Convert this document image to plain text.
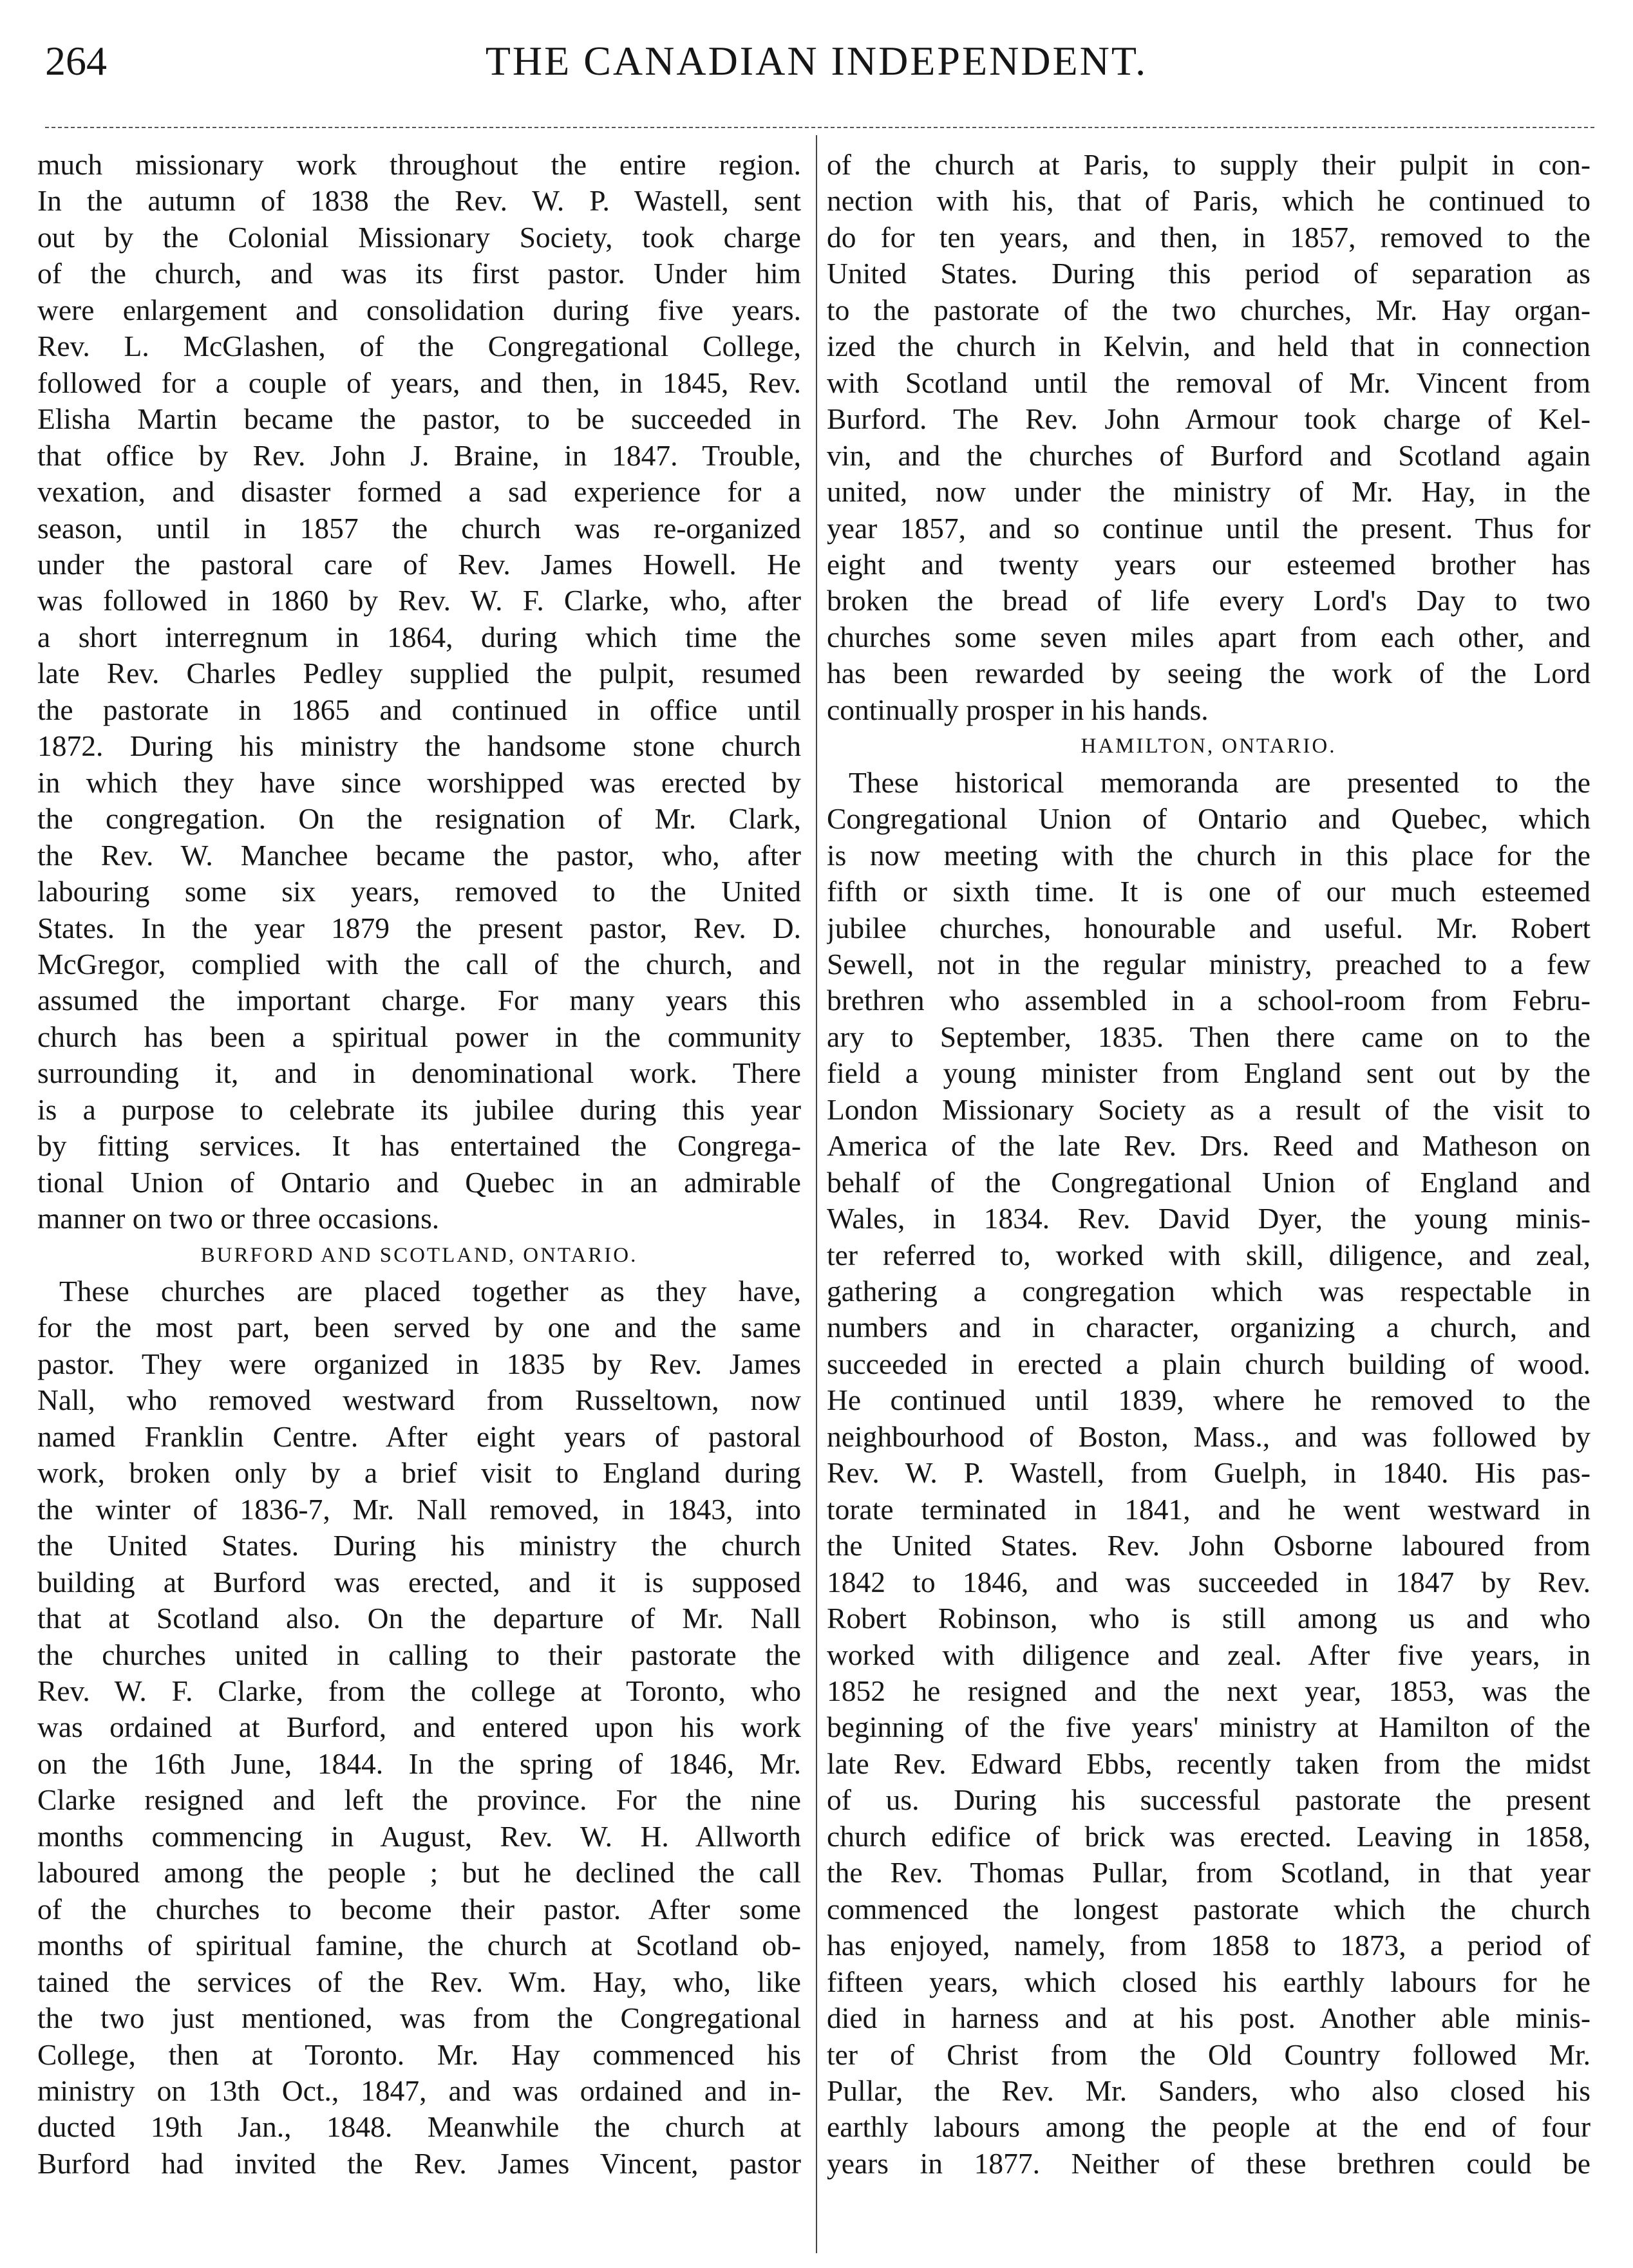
264	THE CANADIAN INDEPENDENT.
much missionary work throughout the entire region.
In the autumn of 1838 the Rev. W. P. Wastell, sent
out by the Colonial Missionary Society, took charge
of the church, and was its first pastor. Under him
were enlargement and consolidation during five years.
Rev. L. McGlashen, of the Congregational College,
followed for a couple of years, and then, in 1845, Rev.
Elisha Martin became the pastor, to be succeeded in
that office by Rev. John J. Braine, in 1847. Trouble,
vexation, and disaster formed a sad experience for a
season, until in 1857 the church was re-organized
under the pastoral care of Rev. James Howell. He
was followed in 1860 by Rev. W. F. Clarke, who, after
a short interregnum in 1864, during which time the
late Rev. Charles Pedley supplied the pulpit, resumed
the pastorate in 1865 and continued in office until
1872. During his ministry the handsome stone church
in which they have since worshipped was erected by
the congregation. On the resignation of Mr. Clark,
the Rev. W. Manchee became the pastor, who, after
labouring some six years, removed to the United
States. In the year 1879 the present pastor, Rev. D.
McGregor, complied with the call of the church, and
assumed the important charge. For many years this
church has been a spiritual power in the community
surrounding it, and in denominational work. There
is a purpose to celebrate its jubilee during this year
by fitting services. It has entertained the Congrega-
tional Union of Ontario and Quebec in an admirable
manner on two or three occasions.
BURFORD AND SCOTLAND, ONTARIO.
These churches are placed together as they have,
for the most part, been served by one and the same
pastor. They were organized in 1835 by Rev. James
Nall, who removed westward from Russeltown, now
named Franklin Centre. After eight years of pastoral
work, broken only by a brief visit to England during
the winter of 1836-7, Mr. Nall removed, in 1843, into
the United States. During his ministry the church
building at Burford was erected, and it is supposed
that at Scotland also. On the departure of Mr. Nall
the churches united in calling to their pastorate the
Rev. W. F. Clarke, from the college at Toronto, who
was ordained at Burford, and entered upon his work
on the 16th June, 1844. In the spring of 1846, Mr.
Clarke resigned and left the province. For the nine
months commencing in August, Rev. W. H. Allworth
laboured among the people ; but he declined the call
of the churches to become their pastor. After some
months of spiritual famine, the church at Scotland ob-
tained the services of the Rev. Wm. Hay, who, like
the two just mentioned, was from the Congregational
College, then at Toronto. Mr. Hay commenced his
ministry on 13th Oct., 1847, and was ordained and in-
ducted 19th Jan., 1848. Meanwhile the church at
Burford had invited the Rev. James Vincent, pastor
of the church at Paris, to supply their pulpit in con-
nection with his, that of Paris, which he continued to
do for ten years, and then, in 1857, removed to the
United States. During this period of separation as
to the pastorate of the two churches, Mr. Hay organ-
ized the church in Kelvin, and held that in connection
with Scotland until the removal of Mr. Vincent from
Burford. The Rev. John Armour took charge of Kel-
vin, and the churches of Burford and Scotland again
united, now under the ministry of Mr. Hay, in the
year 1857, and so continue until the present. Thus for
eight and twenty years our esteemed brother has
broken the bread of life every Lord's Day to two
churches some seven miles apart from each other, and
has been rewarded by seeing the work of the Lord
continually prosper in his hands.
HAMILTON, ONTARIO.
These historical memoranda are presented to the
Congregational Union of Ontario and Quebec, which
is now meeting with the church in this place for the
fifth or sixth time. It is one of our much esteemed
jubilee churches, honourable and useful. Mr. Robert
Sewell, not in the regular ministry, preached to a few
brethren who assembled in a school-room from Febru-
ary to September, 1835. Then there came on to the
field a young minister from England sent out by the
London Missionary Society as a result of the visit to
America of the late Rev. Drs. Reed and Matheson on
behalf of the Congregational Union of England and
Wales, in 1834. Rev. David Dyer, the young minis-
ter referred to, worked with skill, diligence, and zeal,
gathering a congregation which was respectable in
numbers and in character, organizing a church, and
succeeded in erected a plain church building of wood.
He continued until 1839, where he removed to the
neighbourhood of Boston, Mass., and was followed by
Rev. W. P. Wastell, from Guelph, in 1840. His pas-
torate terminated in 1841, and he went westward in
the United States. Rev. John Osborne laboured from
1842 to 1846, and was succeeded in 1847 by Rev.
Robert Robinson, who is still among us and who
worked with diligence and zeal. After five years, in
1852 he resigned and the next year, 1853, was the
beginning of the five years' ministry at Hamilton of the
late Rev. Edward Ebbs, recently taken from the midst
of us. During his successful pastorate the present
church edifice of brick was erected. Leaving in 1858,
the Rev. Thomas Pullar, from Scotland, in that year
commenced the longest pastorate which the church
has enjoyed, namely, from 1858 to 1873, a period of
fifteen years, which closed his earthly labours for he
died in harness and at his post. Another able minis-
ter of Christ from the Old Country followed Mr.
Pullar, the Rev. Mr. Sanders, who also closed his
earthly labours among the people at the end of four
years in 1877. Neither of these brethren could be
